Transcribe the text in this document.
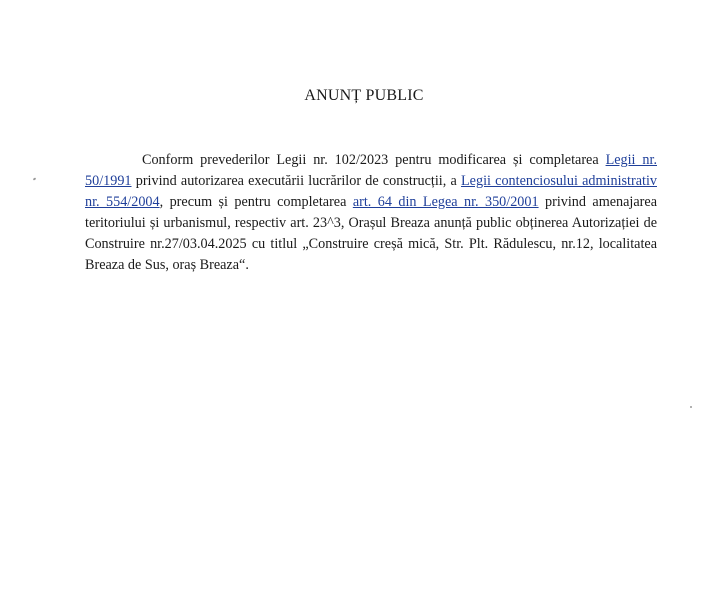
ANUNȚ PUBLIC

Conform prevederilor Legii nr. 102/2023 pentru modificarea și completarea Legii nr. 50/1991 privind autorizarea executării lucrărilor de construcții, a Legii contenciosului administrativ nr. 554/2004, precum și pentru completarea art. 64 din Legea nr. 350/2001 privind amenajarea teritoriului și urbanismul, respectiv art. 23^3, Orașul Breaza anunță public obținerea Autorizației de Construire nr.27/03.04.2025 cu titlul „Construire creșă mică, Str. Plt. Rădulescu, nr.12, localitatea Breaza de Sus, oraș Breaza“.
